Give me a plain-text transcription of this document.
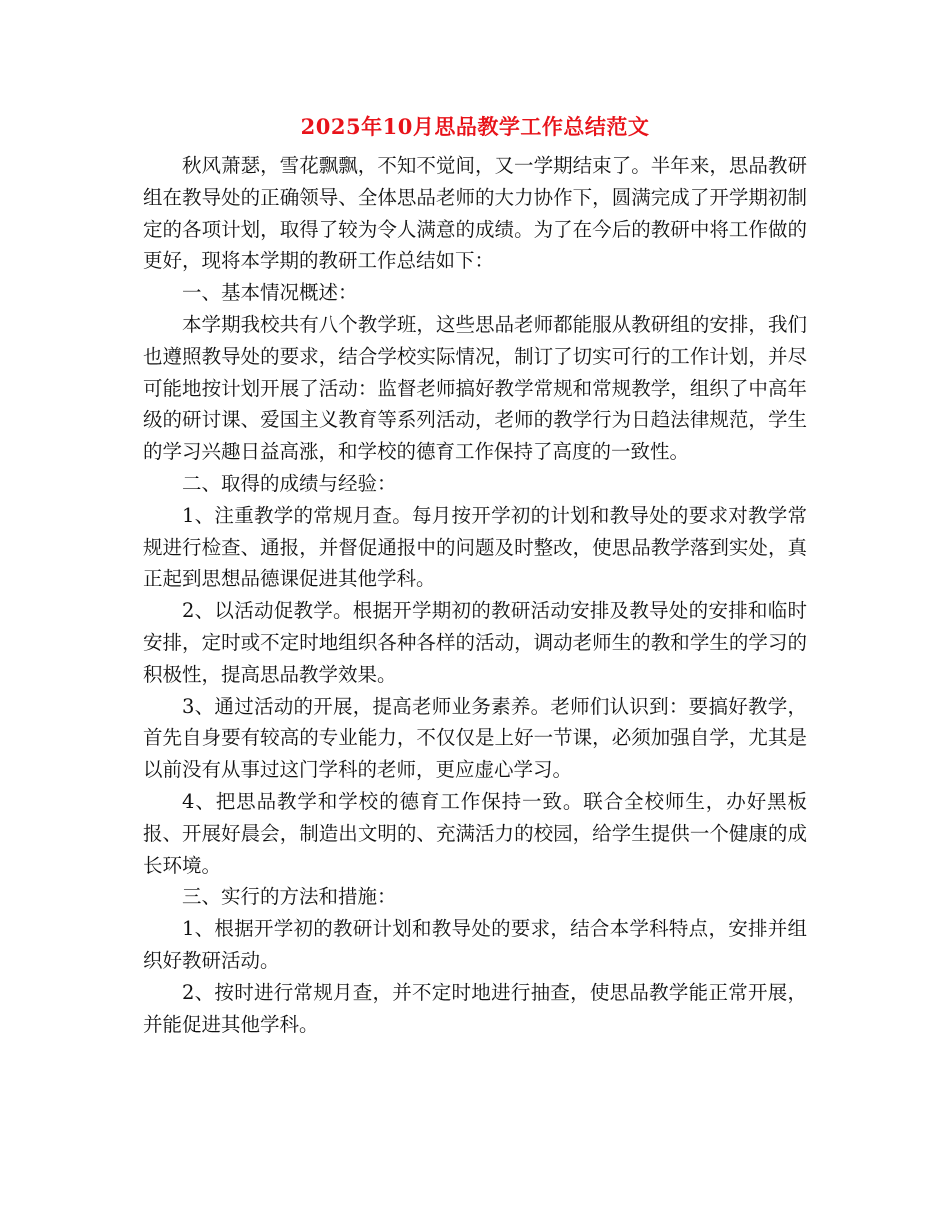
2025年10月思品教学工作总结范文

秋风萧瑟，雪花飘飘，不知不觉间，又一学期结束了。半年来，思品教研组在教导处的正确领导、全体思品老师的大力协作下，圆满完成了开学期初制定的各项计划，取得了较为令人满意的成绩。为了在今后的教研中将工作做的更好，现将本学期的教研工作总结如下：

一、基本情况概述：

本学期我校共有八个教学班，这些思品老师都能服从教研组的安排，我们也遵照教导处的要求，结合学校实际情况，制订了切实可行的工作计划，并尽可能地按计划开展了活动：监督老师搞好教学常规和常规教学，组织了中高年级的研讨课、爱国主义教育等系列活动，老师的教学行为日趋法律规范，学生的学习兴趣日益高涨，和学校的德育工作保持了高度的一致性。

二、取得的成绩与经验：

1、注重教学的常规月查。每月按开学初的计划和教导处的要求对教学常规进行检查、通报，并督促通报中的问题及时整改，使思品教学落到实处，真正起到思想品德课促进其他学科。

2、以活动促教学。根据开学期初的教研活动安排及教导处的安排和临时安排，定时或不定时地组织各种各样的活动，调动老师生的教和学生的学习的积极性，提高思品教学效果。

3、通过活动的开展，提高老师业务素养。老师们认识到：要搞好教学，首先自身要有较高的专业能力，不仅仅是上好一节课，必须加强自学，尤其是以前没有从事过这门学科的老师，更应虚心学习。

4、把思品教学和学校的德育工作保持一致。联合全校师生，办好黑板报、开展好晨会，制造出文明的、充满活力的校园，给学生提供一个健康的成长环境。

三、实行的方法和措施：

1、根据开学初的教研计划和教导处的要求，结合本学科特点，安排并组织好教研活动。

2、按时进行常规月查，并不定时地进行抽查，使思品教学能正常开展，并能促进其他学科。
